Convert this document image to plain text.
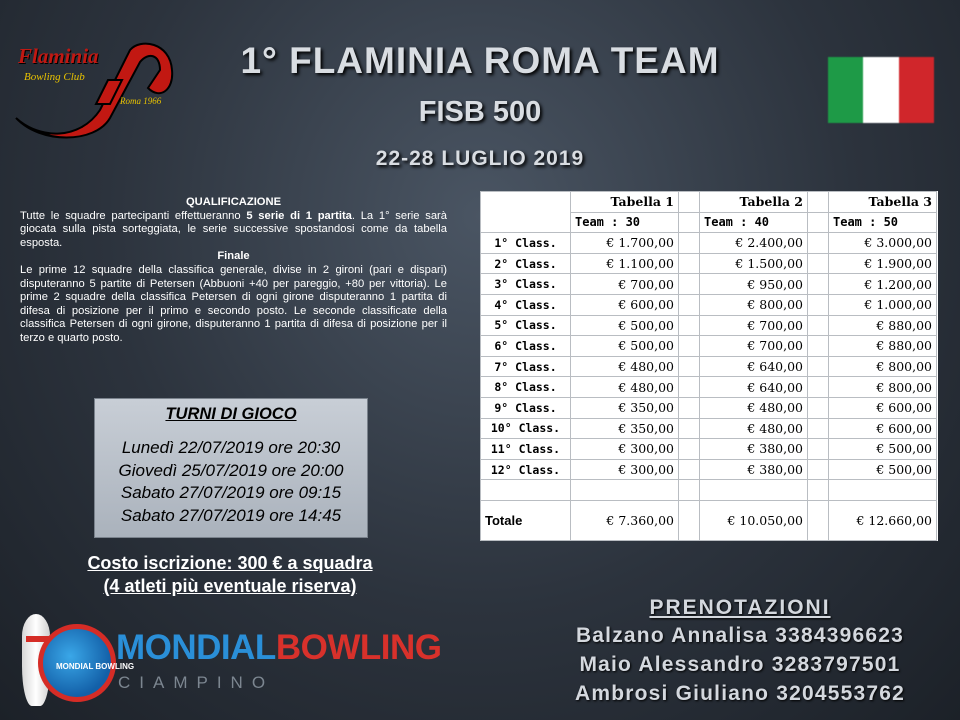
Flaminia
Bowling Club
Roma 1966
1° FLAMINIA ROMA TEAM
FISB 500
22-28 LUGLIO 2019
QUALIFICAZIONE

Tutte le squadre partecipanti effettueranno 5 serie di 1 partita. La 1° serie sarà giocata sulla pista sorteggiata, le serie successive spostandosi come da tabella esposta.

Finale

Le prime 12 squadre della classifica generale, divise in 2 gironi (pari e dispari) disputeranno 5 partite di Petersen (Abbuoni +40 per pareggio, +80 per vittoria). Le prime 2 squadre della classifica Petersen di ogni girone disputeranno 1 partita di difesa di posizione per il primo e secondo posto. Le seconde classificate della classifica Petersen di ogni girone, disputeranno 1 partita di difesa di posizione per il terzo e quarto posto.

TURNI DI GIOCO
Lunedì 22/07/2019 ore 20:30
Giovedì 25/07/2019 ore 20:00
Sabato 27/07/2019 ore 09:15
Sabato 27/07/2019 ore 14:45
Costo iscrizione: 300 € a squadra
(4 atleti più eventuale riserva)
	Tabella 1		Tabella 2		Tabella 3
	Team : 30		Team : 40		Team : 50
1° Class.	€ 1.700,00		€ 2.400,00		€ 3.000,00
2° Class.	€ 1.100,00		€ 1.500,00		€ 1.900,00
3° Class.	€ 700,00		€ 950,00		€ 1.200,00
4° Class.	€ 600,00		€ 800,00		€ 1.000,00
5° Class.	€ 500,00		€ 700,00		€ 880,00
6° Class.	€ 500,00		€ 700,00		€ 880,00
7° Class.	€ 480,00		€ 640,00		€ 800,00
8° Class.	€ 480,00		€ 640,00		€ 800,00
9° Class.	€ 350,00		€ 480,00		€ 600,00
10° Class.	€ 350,00		€ 480,00		€ 600,00
11° Class.	€ 300,00		€ 380,00		€ 500,00
12° Class.	€ 300,00		€ 380,00		€ 500,00

Totale	€ 7.360,00		€ 10.050,00		€ 12.660,00
MONDIAL BOWLING
MONDIALBOWLING
CIAMPINO
PRENOTAZIONI
Balzano Annalisa 3384396623
Maio Alessandro 3283797501
Ambrosi Giuliano 3204553762
